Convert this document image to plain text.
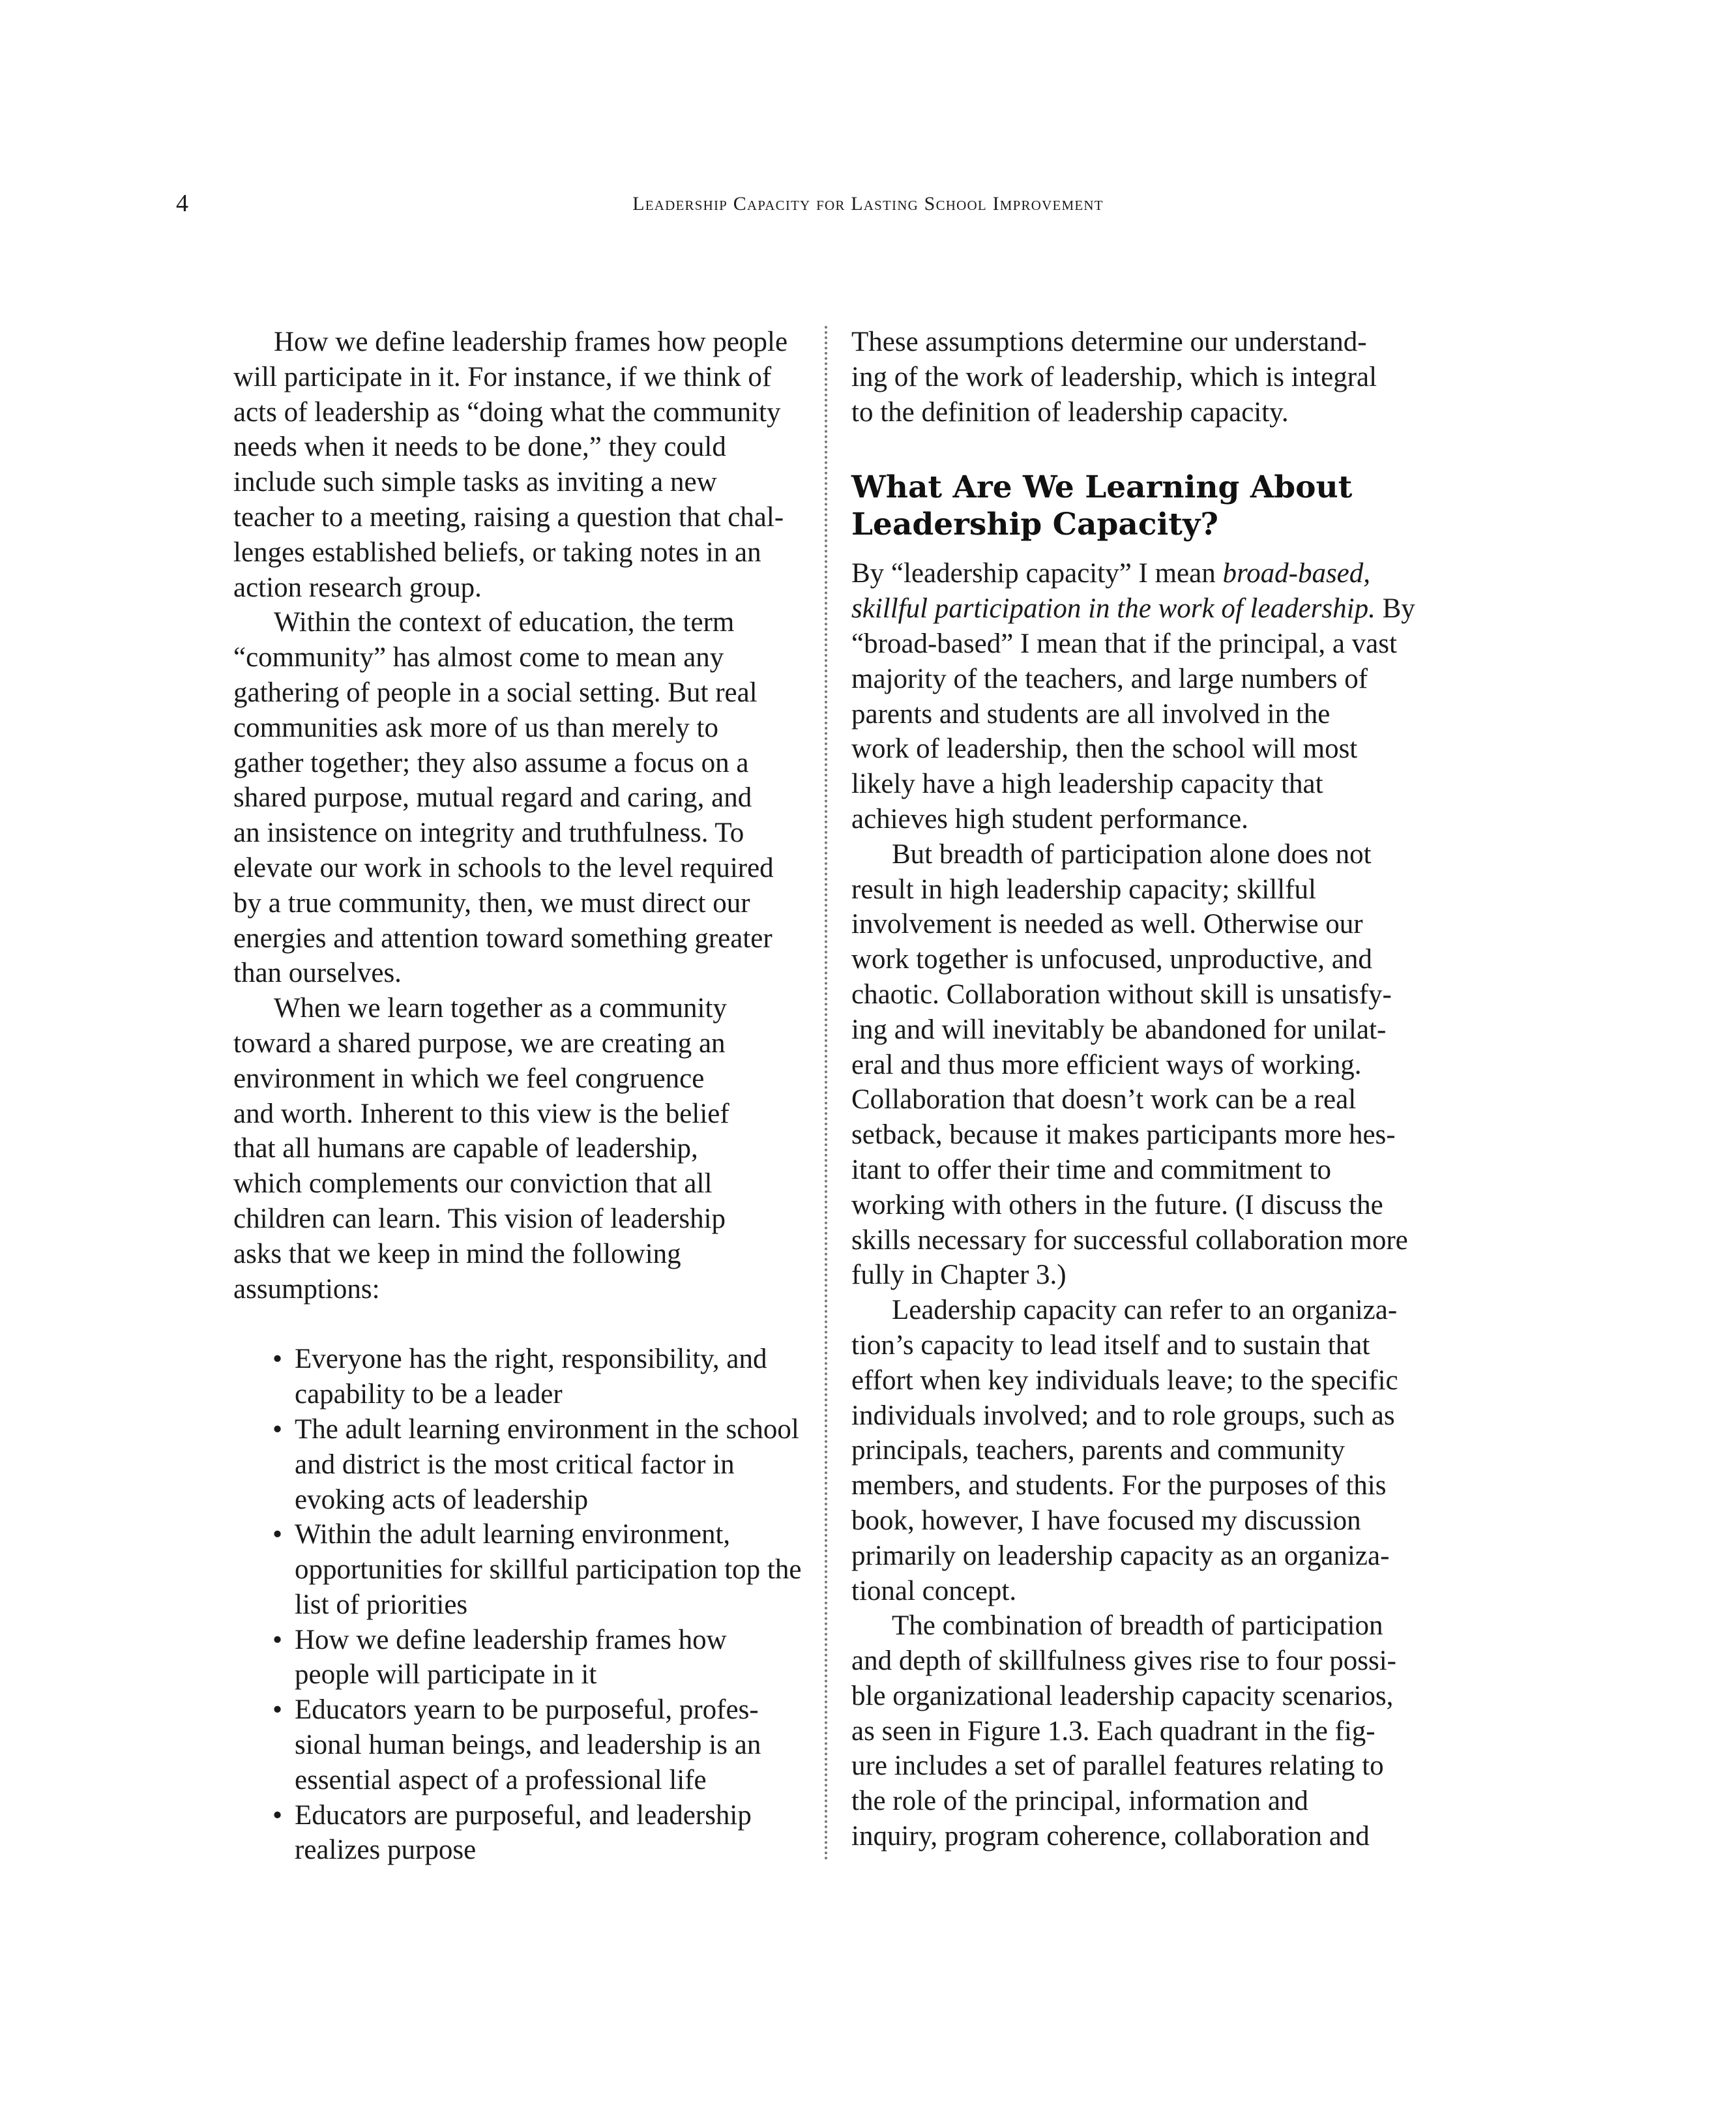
4	Leadership Capacity for Lasting School Improvement

How we define leadership frames how people
will participate in it. For instance, if we think of
acts of leadership as “doing what the community
needs when it needs to be done,” they could
include such simple tasks as inviting a new
teacher to a meeting, raising a question that chal-
lenges established beliefs, or taking notes in an
action research group.

Within the context of education, the term
“community” has almost come to mean any
gathering of people in a social setting. But real
communities ask more of us than merely to
gather together; they also assume a focus on a
shared purpose, mutual regard and caring, and
an insistence on integrity and truthfulness. To
elevate our work in schools to the level required
by a true community, then, we must direct our
energies and attention toward something greater
than ourselves.

When we learn together as a community
toward a shared purpose, we are creating an
environment in which we feel congruence
and worth. Inherent to this view is the belief
that all humans are capable of leadership,
which complements our conviction that all
children can learn. This vision of leadership
asks that we keep in mind the following
assumptions:

• Everyone has the right, responsibility, and
capability to be a leader
• The adult learning environment in the school
and district is the most critical factor in
evoking acts of leadership
• Within the adult learning environment,
opportunities for skillful participation top the
list of priorities
• How we define leadership frames how
people will participate in it
• Educators yearn to be purposeful, profes-
sional human beings, and leadership is an
essential aspect of a professional life
• Educators are purposeful, and leadership
realizes purpose

These assumptions determine our understand-
ing of the work of leadership, which is integral
to the definition of leadership capacity.

What Are We Learning About
Leadership Capacity?

By “leadership capacity” I mean broad-based,
skillful participation in the work of leadership. By
“broad-based” I mean that if the principal, a vast
majority of the teachers, and large numbers of
parents and students are all involved in the
work of leadership, then the school will most
likely have a high leadership capacity that
achieves high student performance.

But breadth of participation alone does not
result in high leadership capacity; skillful
involvement is needed as well. Otherwise our
work together is unfocused, unproductive, and
chaotic. Collaboration without skill is unsatisfy-
ing and will inevitably be abandoned for unilat-
eral and thus more efficient ways of working.
Collaboration that doesn’t work can be a real
setback, because it makes participants more hes-
itant to offer their time and commitment to
working with others in the future. (I discuss the
skills necessary for successful collaboration more
fully in Chapter 3.)

Leadership capacity can refer to an organiza-
tion’s capacity to lead itself and to sustain that
effort when key individuals leave; to the specific
individuals involved; and to role groups, such as
principals, teachers, parents and community
members, and students. For the purposes of this
book, however, I have focused my discussion
primarily on leadership capacity as an organiza-
tional concept.

The combination of breadth of participation
and depth of skillfulness gives rise to four possi-
ble organizational leadership capacity scenarios,
as seen in Figure 1.3. Each quadrant in the fig-
ure includes a set of parallel features relating to
the role of the principal, information and
inquiry, program coherence, collaboration and
